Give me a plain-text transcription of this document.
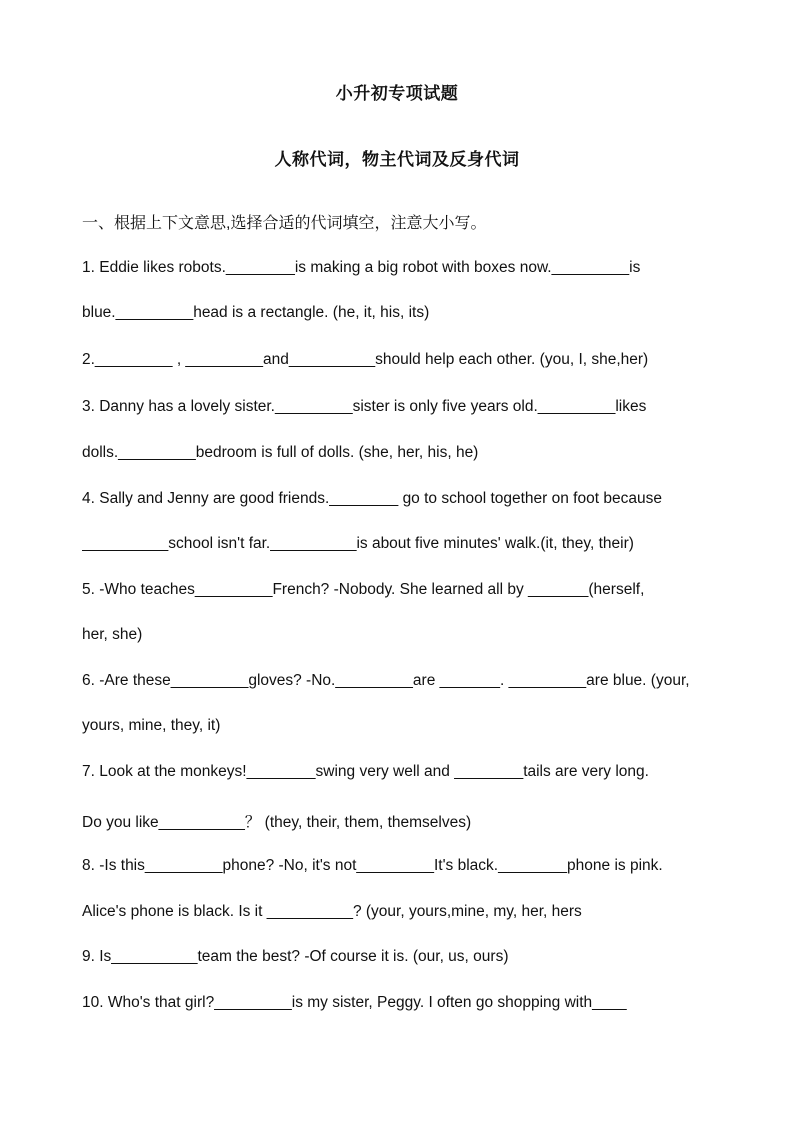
小升初专项试题
人称代词，物主代词及反身代词
一、根据上下文意思,选择合适的代词填空，注意大小写。
1. Eddie likes robots.________is making a big robot with boxes now._________is
blue._________head is a rectangle. (he, it, his, its)
2._________ , _________and__________should help each other. (you, I, she,her)
3. Danny has a lovely sister._________sister is only five years old._________likes
dolls._________bedroom is full of dolls. (she, her, his, he)
4. Sally and Jenny are good friends.________ go to school together on foot because
__________school isn't far.__________is about five minutes' walk.(it, they, their)
5. -Who teaches_________French? -Nobody. She learned all by _______(herself,
her, she)
6. -Are these_________gloves? -No._________are _______. _________are blue. (your,
yours, mine, they, it)
7. Look at the monkeys!________swing very well and ________tails are very long.
Do you like__________？ (they, their, them, themselves)
8. -Is this_________phone? -No, it's not_________It's black.________phone is pink.
Alice's phone is black. Is it __________? (your, yours,mine, my, her, hers
9. Is__________team the best? -Of course it is. (our, us, ours)
10. Who's that girl?_________is my sister, Peggy. I often go shopping with____
